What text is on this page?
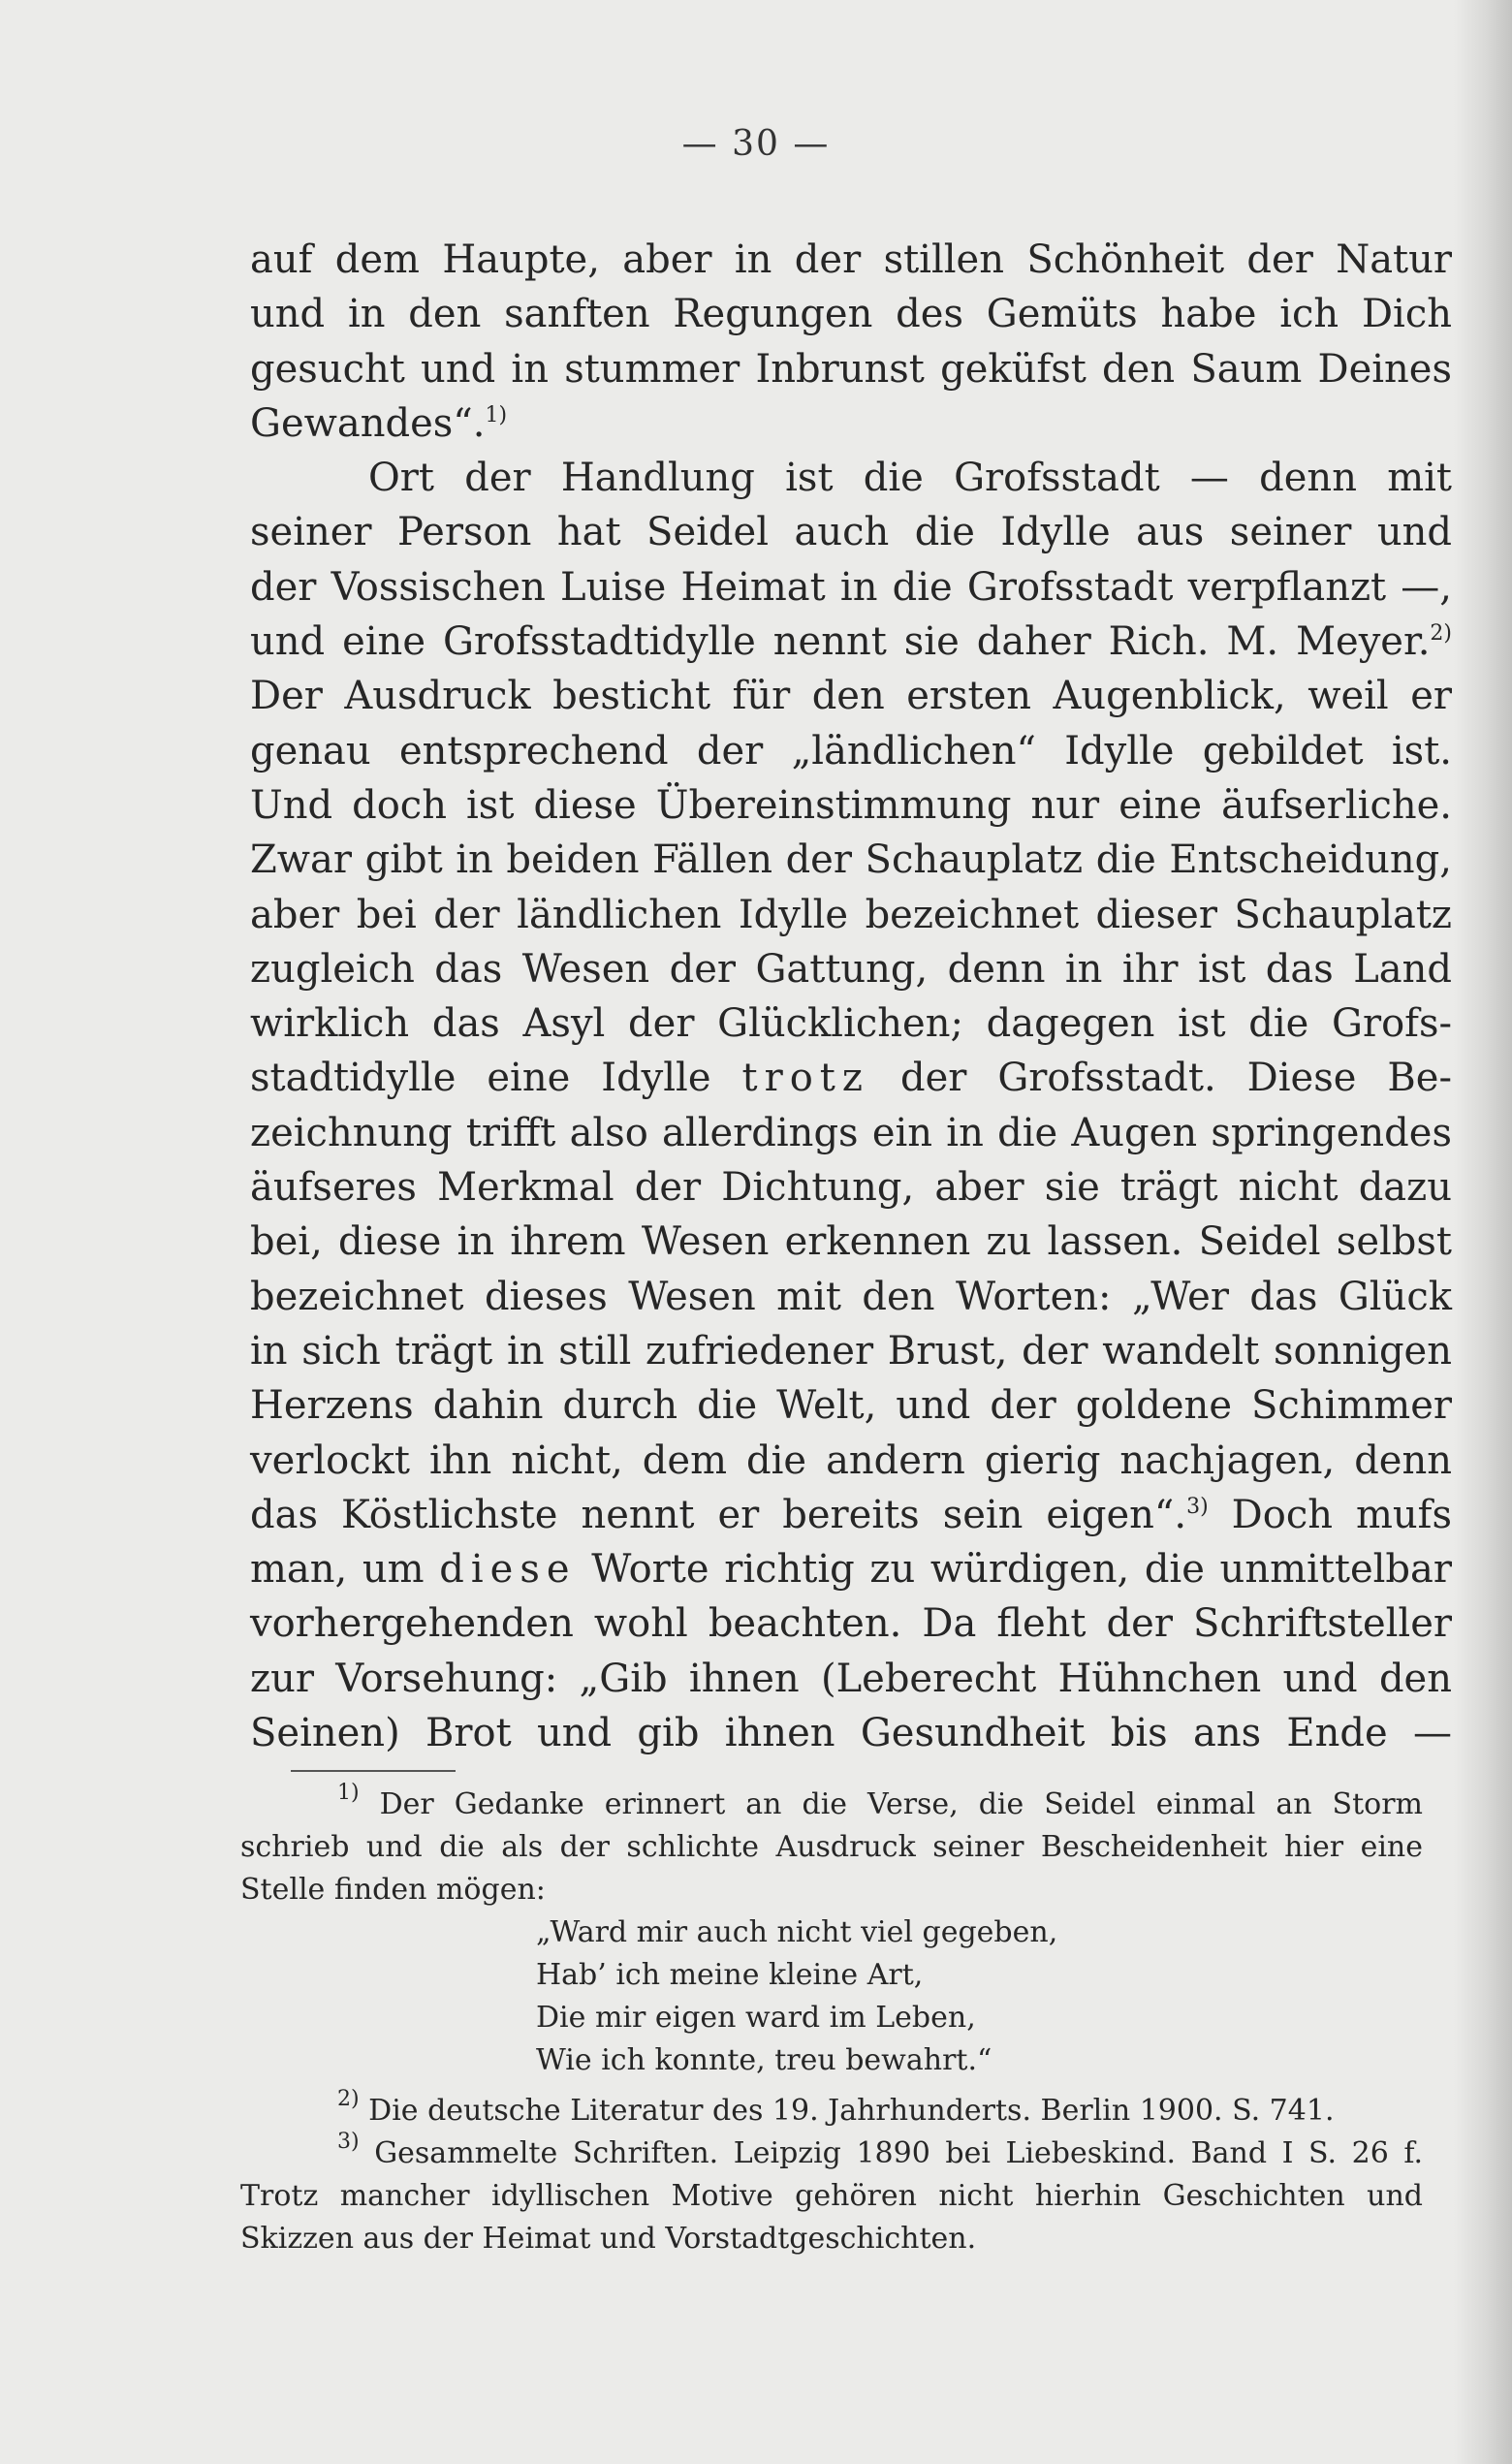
— 30 —

auf dem Haupte, aber in der stillen Schönheit der Natur

und in den sanften Regungen des Gemüts habe ich Dich

gesucht und in stummer Inbrunst geküfst den Saum Deines

Gewandes“.$^{1)}$

Ort der Handlung ist die Grofsstadt — denn mit

seiner Person hat Seidel auch die Idylle aus seiner und

der Vossischen Luise Heimat in die Grofsstadt verpflanzt —,

und eine Grofsstadtidylle nennt sie daher Rich. M. Meyer.$^{2)}$

Der Ausdruck besticht für den ersten Augenblick, weil er

genau entsprechend der „ländlichen“ Idylle gebildet ist.

Und doch ist diese Übereinstimmung nur eine äufserliche.

Zwar gibt in beiden Fällen der Schauplatz die Entscheidung,

aber bei der ländlichen Idylle bezeichnet dieser Schauplatz

zugleich das Wesen der Gattung, denn in ihr ist das Land

wirklich das Asyl der Glücklichen; dagegen ist die Grofs-

stadtidylle eine Idylle trotz der Grofsstadt. Diese Be-

zeichnung trifft also allerdings ein in die Augen springendes

äufseres Merkmal der Dichtung, aber sie trägt nicht dazu

bei, diese in ihrem Wesen erkennen zu lassen. Seidel selbst

bezeichnet dieses Wesen mit den Worten: „Wer das Glück

in sich trägt in still zufriedener Brust, der wandelt sonnigen

Herzens dahin durch die Welt, und der goldene Schimmer

verlockt ihn nicht, dem die andern gierig nachjagen, denn

das Köstlichste nennt er bereits sein eigen“.$^{3)}$ Doch mufs

man, um diese Worte richtig zu würdigen, die unmittelbar

vorhergehenden wohl beachten. Da fleht der Schriftsteller

zur Vorsehung: „Gib ihnen (Leberecht Hühnchen und den

Seinen) Brot und gib ihnen Gesundheit bis ans Ende —

$^{1)}$ Der Gedanke erinnert an die Verse, die Seidel einmal an Storm

schrieb und die als der schlichte Ausdruck seiner Bescheidenheit hier eine

Stelle finden mögen:

„Ward mir auch nicht viel gegeben,

Hab’ ich meine kleine Art,

Die mir eigen ward im Leben,

Wie ich konnte, treu bewahrt.“

$^{2)}$ Die deutsche Literatur des 19. Jahrhunderts. Berlin 1900. S. 741.

$^{3)}$ Gesammelte Schriften. Leipzig 1890 bei Liebeskind. Band I S. 26 f.

Trotz mancher idyllischen Motive gehören nicht hierhin Geschichten und

Skizzen aus der Heimat und Vorstadtgeschichten.
